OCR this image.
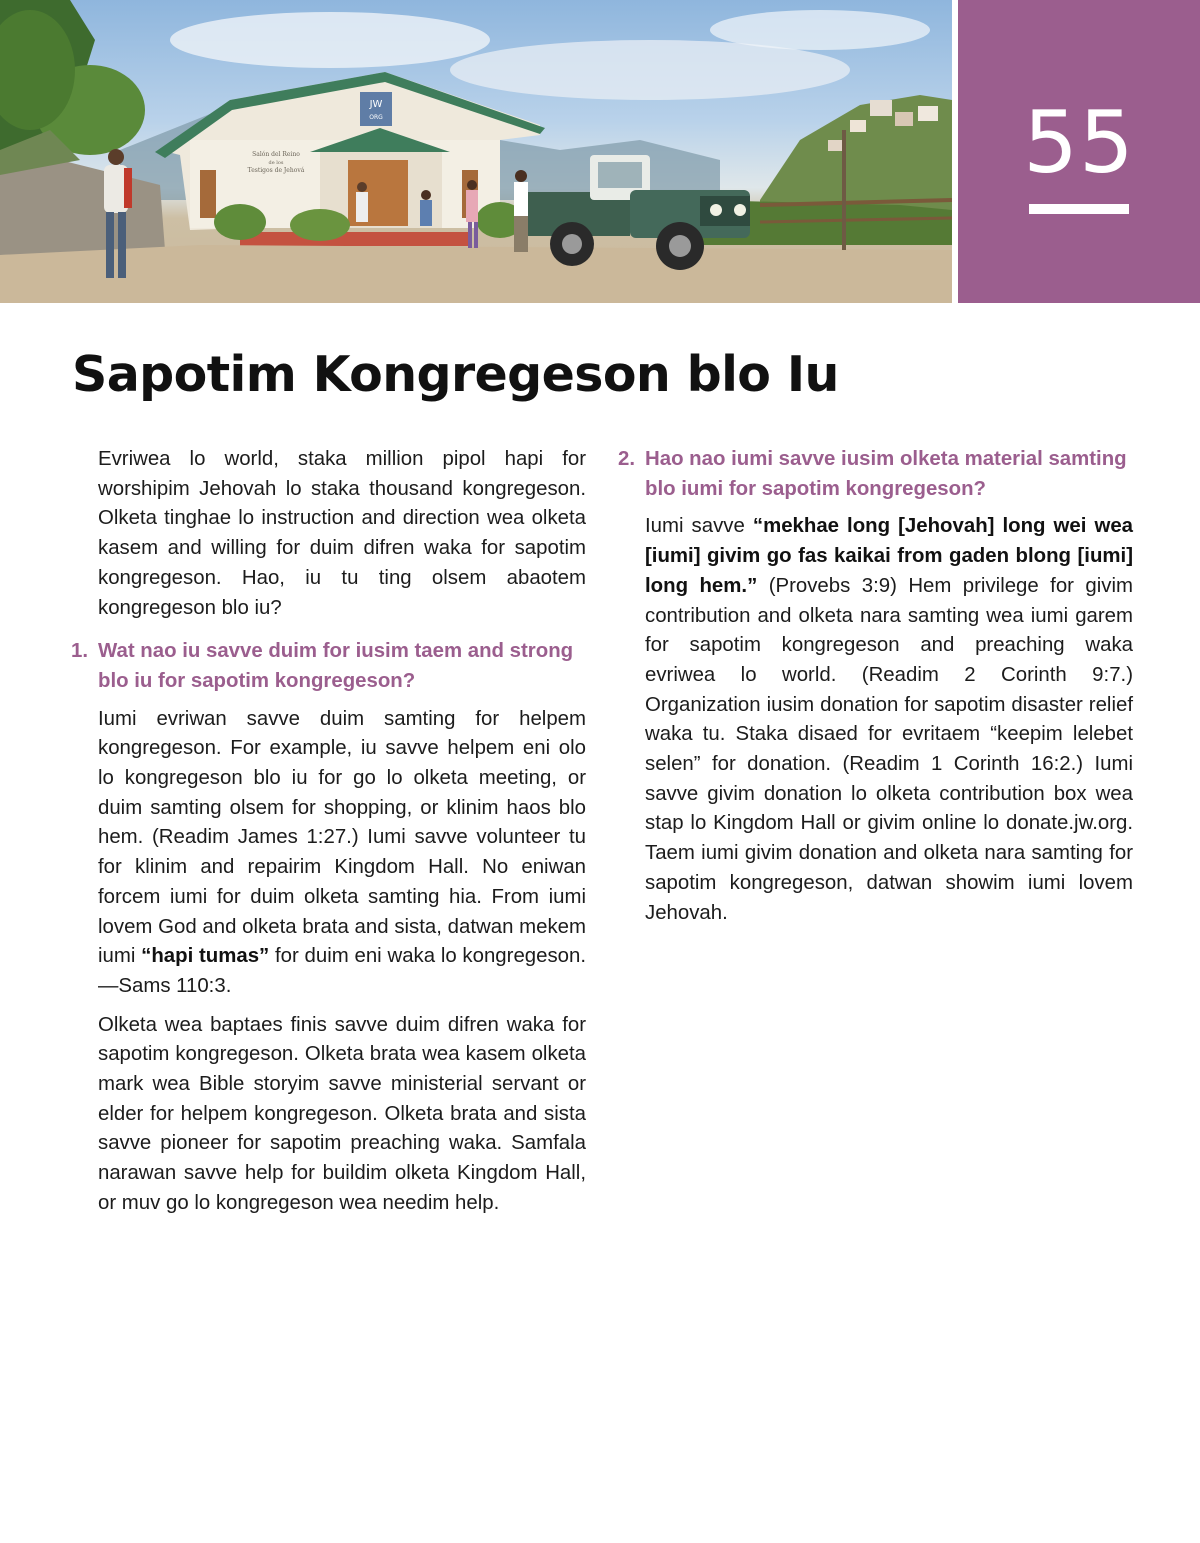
JW
ORG
Salón del Reino
de los
Testigos de Jehová	55
Sapotim Kongregeson blo Iu

Evriwea lo world, staka million pipol hapi for worshipim Jehovah lo staka thousand kongregeson. Olketa tinghae lo instruction and direction wea olketa kasem and willing for duim difren waka for sapotim kongregeson. Hao, iu tu ting olsem abaotem kongregeson blo iu?

1. Wat nao iu savve duim for iusim taem and strong blo iu for sapotim kongregeson?

Iumi evriwan savve duim samting for helpem kongregeson. For example, iu savve helpem eni olo lo kongregeson blo iu for go lo olketa meeting, or duim samting olsem for shopping, or klinim haos blo hem. (Readim James 1:27.) Iumi savve volunteer tu for klinim and repairim Kingdom Hall. No eniwan forcem iumi for duim olketa samting hia. From iumi lovem God and olketa brata and sista, datwan mekem iumi “hapi tumas” for duim eni waka lo kongregeson.—Sams 110:3.

Olketa wea baptaes finis savve duim difren waka for sapotim kongregeson. Olketa brata wea kasem olketa mark wea Bible storyim savve ministerial servant or elder for helpem kongregeson. Olketa brata and sista savve pioneer for sapotim preaching waka. Samfala narawan savve help for buildim olketa Kingdom Hall, or muv go lo kongregeson wea needim help.

2. Hao nao iumi savve iusim olketa material samting blo iumi for sapotim kongregeson?

Iumi savve “mekhae long [Jehovah] long wei wea [iumi] givim go fas kaikai from gaden blong [iumi] long hem.” (Provebs 3:9) Hem privilege for givim contribution and olketa nara samting wea iumi garem for sapotim kongregeson and preaching waka evriwea lo world. (Readim 2 Corinth 9:7.) Organization iusim donation for sapotim disaster relief waka tu. Staka disaed for evritaem “keepim lelebet selen” for donation. (Readim 1 Corinth 16:2.) Iumi savve givim donation lo olketa contribution box wea stap lo Kingdom Hall or givim online lo donate.jw.org. Taem iumi givim donation and olketa nara samting for sapotim kongregeson, datwan showim iumi lovem Jehovah.
